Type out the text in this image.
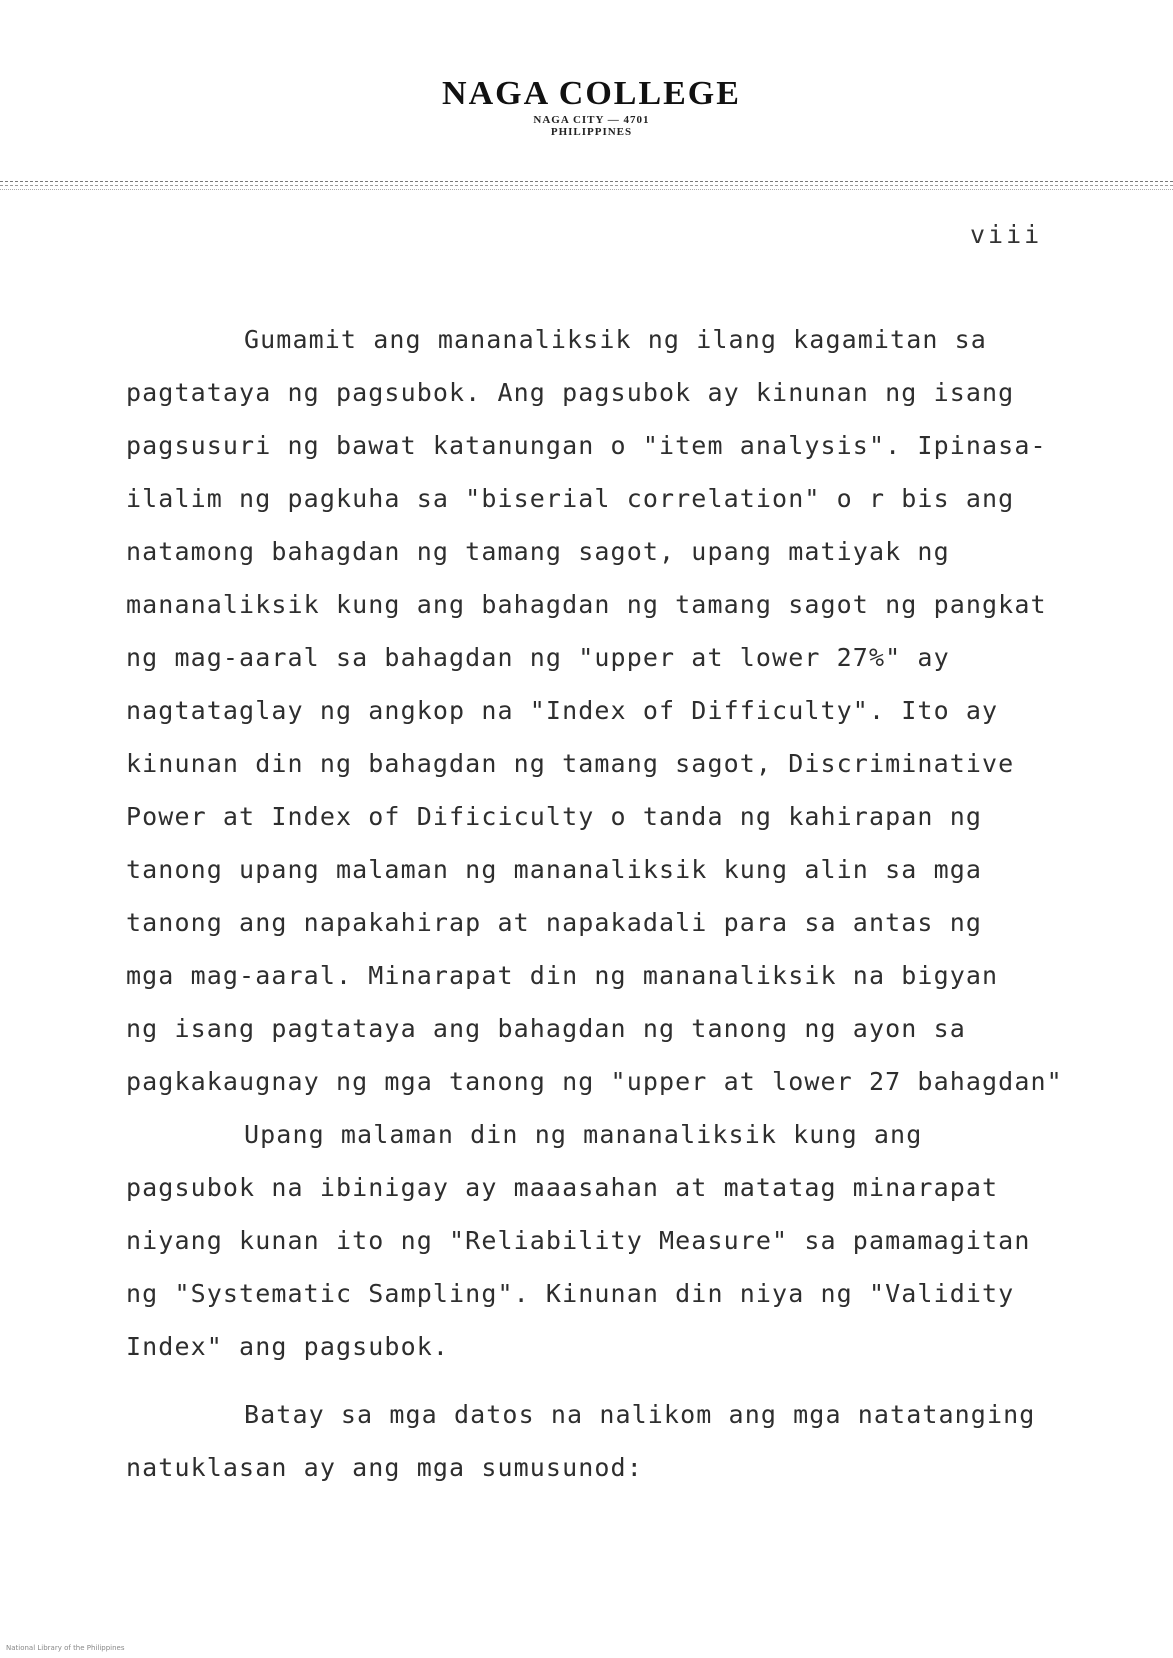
NAGA COLLEGE
NAGA CITY — 4701
PHILIPPINES
viii
Gumamit ang mananaliksik ng ilang kagamitan sa
pagtataya ng pagsubok. Ang pagsubok ay kinunan ng isang
pagsusuri ng bawat katanungan o "item analysis". Ipinasa-
ilalim ng pagkuha sa "biserial correlation" o r bis ang
natamong bahagdan ng tamang sagot, upang matiyak ng
mananaliksik kung ang bahagdan ng tamang sagot ng pangkat
ng mag-aaral sa bahagdan ng "upper at lower 27%" ay
nagtataglay ng angkop na "Index of Difficulty". Ito ay
kinunan din ng bahagdan ng tamang sagot, Discriminative
Power at Index of Dificiculty o tanda ng kahirapan ng
tanong upang malaman ng mananaliksik kung alin sa mga
tanong ang napakahirap at napakadali para sa antas ng
mga mag-aaral. Minarapat din ng mananaliksik na bigyan
ng isang pagtataya ang bahagdan ng tanong ng ayon sa
pagkakaugnay ng mga tanong ng "upper at lower 27 bahagdan"
Upang malaman din ng mananaliksik kung ang
pagsubok na ibinigay ay maaasahan at matatag minarapat
niyang kunan ito ng "Reliability Measure" sa pamamagitan
ng "Systematic Sampling". Kinunan din niya ng "Validity
Index" ang pagsubok.
Batay sa mga datos na nalikom ang mga natatanging
natuklasan ay ang mga sumusunod:
National Library of the Philippines
